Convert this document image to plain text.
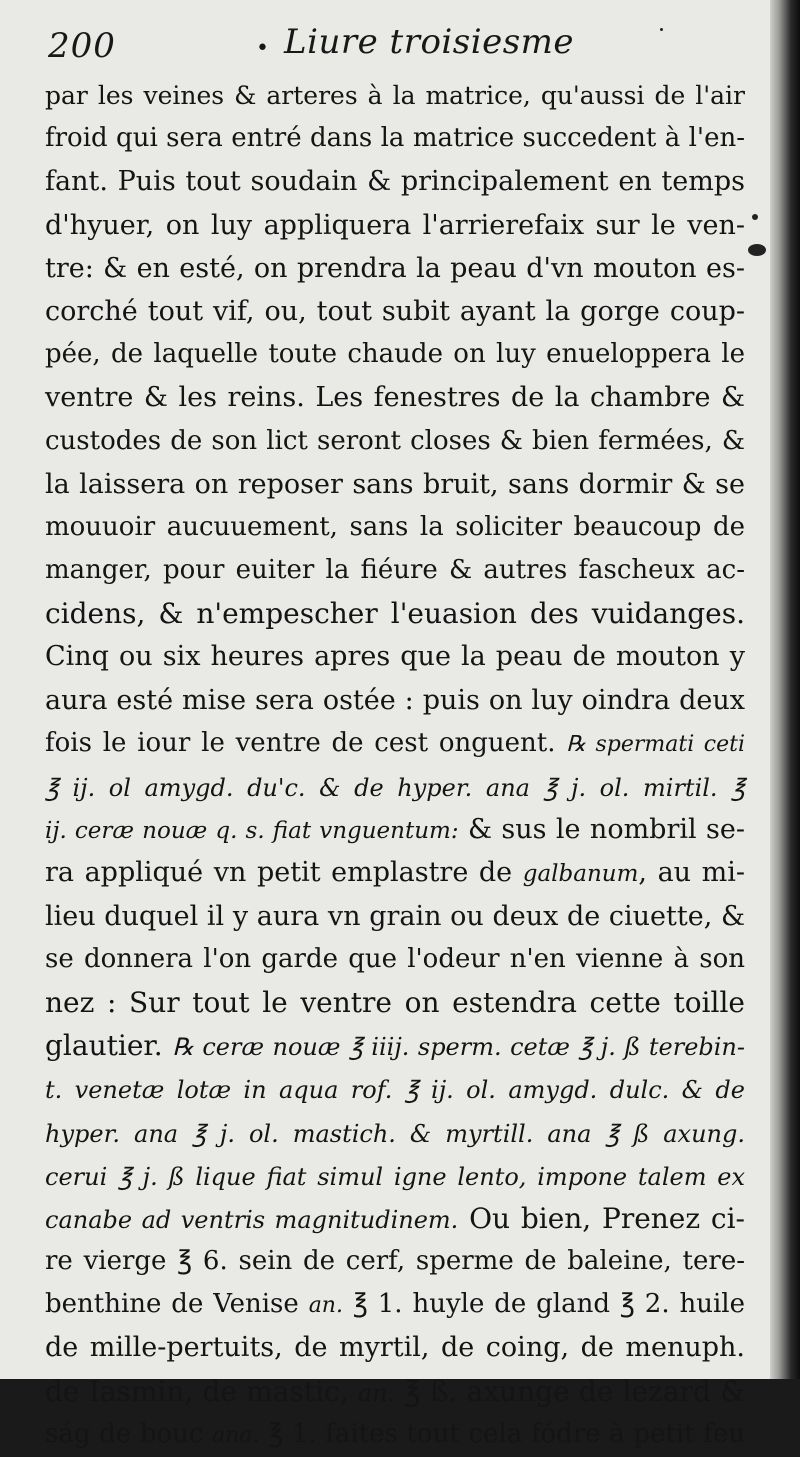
200	• Liure troisiesme
par les veines & arteres à la matrice, qu'aussi de l'air
froid qui sera entré dans la matrice succedent à l'en-
fant. Puis tout soudain & principalement en temps
d'hyuer, on luy appliquera l'arrierefaix sur le ven-
tre: & en esté, on prendra la peau d'vn mouton es-
corché tout vif, ou, tout subit ayant la gorge coup-
pée, de laquelle toute chaude on luy enueloppera le
ventre & les reins. Les fenestres de la chambre &
custodes de son lict seront closes & bien fermées, &
la laissera on reposer sans bruit, sans dormir & se
mouuoir aucuuement, sans la soliciter beaucoup de
manger, pour euiter la fiéure & autres fascheux ac-
cidens, & n'empescher l'euasion des vuidanges.
Cinq ou six heures apres que la peau de mouton y
aura esté mise sera ostée : puis on luy oindra deux
fois le iour le ventre de cest onguent. ℞ spermati ceti
℥ ij. ol amygd. du'c. & de hyper. ana ℥ j. ol. mirtil. ℥
ij. ceræ nouæ q. s. fiat vnguentum: & sus le nombril se-
ra appliqué vn petit emplastre de galbanum, au mi-
lieu duquel il y aura vn grain ou deux de ciuette, &
se donnera l'on garde que l'odeur n'en vienne à son
nez : Sur tout le ventre on estendra cette toille
glautier. ℞ ceræ nouæ ℥ iiij. sperm. cetæ ℥ j. ß terebin-
t. venetæ lotæ in aqua rof. ℥ ij. ol. amygd. dulc. & de
hyper. ana ℥ j. ol. mastich. & myrtill. ana ℥ ß axung.
cerui ℥ j. ß lique fiat simul igne lento, impone talem ex
canabe ad ventris magnitudinem. Ou bien, Prenez ci-
re vierge ℥ 6. sein de cerf, sperme de baleine, tere-
benthine de Venise an. ℥ 1. huyle de gland ℥ 2. huile
de mille-pertuits, de myrtil, de coing, de menuph.
de Iasmin, de mastic, an. ℥ ß. axunge de lezard &
ság de bouc ana. ℥ 1. faites tout cela fódre à petit feu
